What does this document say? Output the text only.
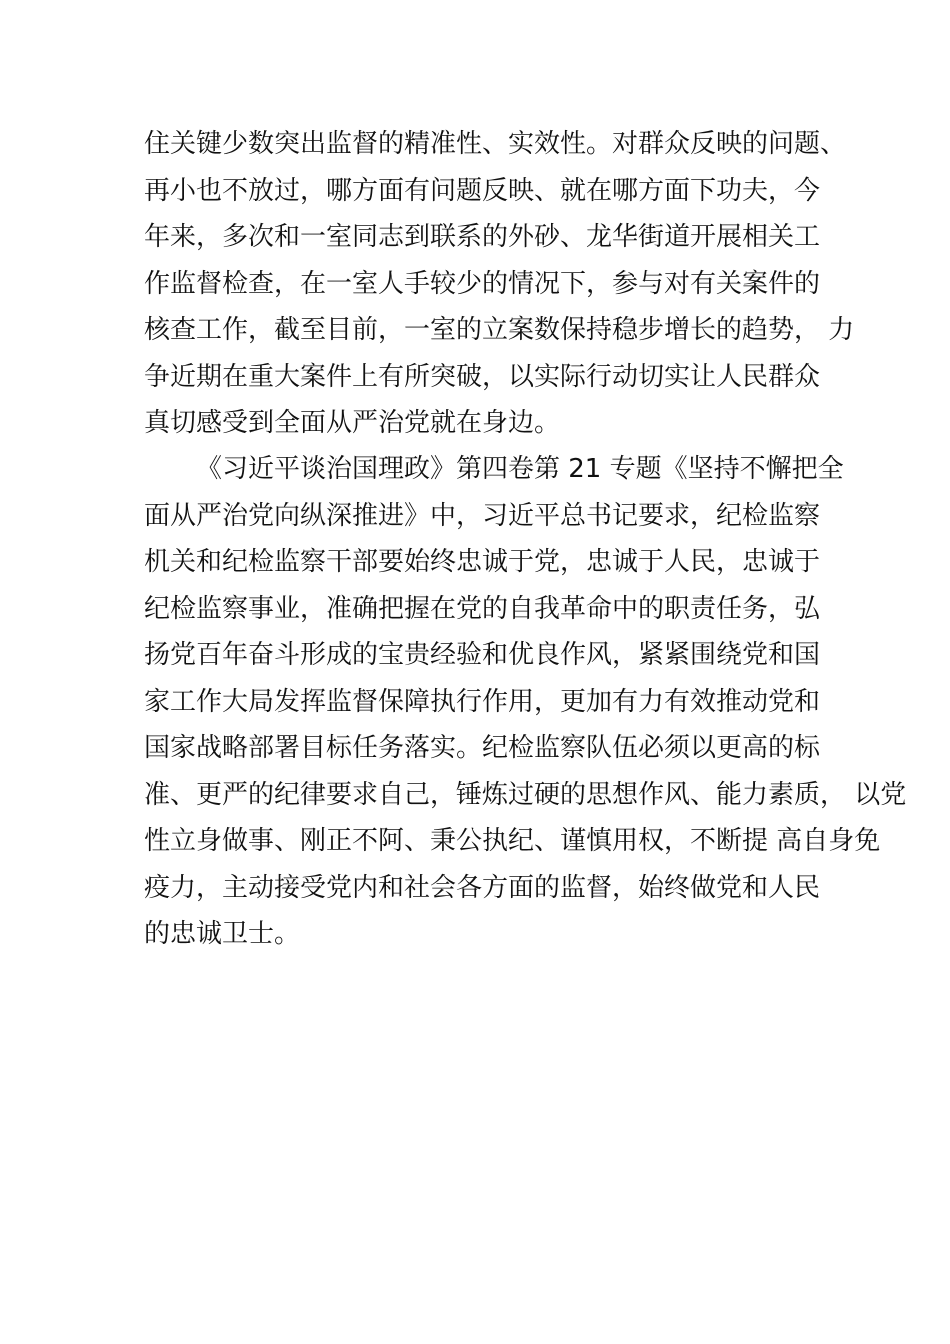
住关键少数突出监督的精准性、实效性。对群众反映的问题、
再小也不放过，哪方面有问题反映、就在哪方面下功夫，今
年来，多次和一室同志到联系的外砂、龙华街道开展相关工
作监督检查，在一室人手较少的情况下，参与对有关案件的
核查工作，截至目前，一室的立案数保持稳步增长的趋势， 力
争近期在重大案件上有所突破，以实际行动切实让人民群众
真切感受到全面从严治党就在身边。
《习近平谈治国理政》第四卷第 21 专题《坚持不懈把全
面从严治党向纵深推进》中，习近平总书记要求，纪检监察
机关和纪检监察干部要始终忠诚于党，忠诚于人民，忠诚于
纪检监察事业，准确把握在党的自我革命中的职责任务，弘
扬党百年奋斗形成的宝贵经验和优良作风，紧紧围绕党和国
家工作大局发挥监督保障执行作用，更加有力有效推动党和
国家战略部署目标任务落实。纪检监察队伍必须以更高的标
准、更严的纪律要求自己，锤炼过硬的思想作风、能力素质， 以党
性立身做事、刚正不阿、秉公执纪、谨慎用权，不断提 高自身免
疫力，主动接受党内和社会各方面的监督，始终做党和人民
的忠诚卫士。
